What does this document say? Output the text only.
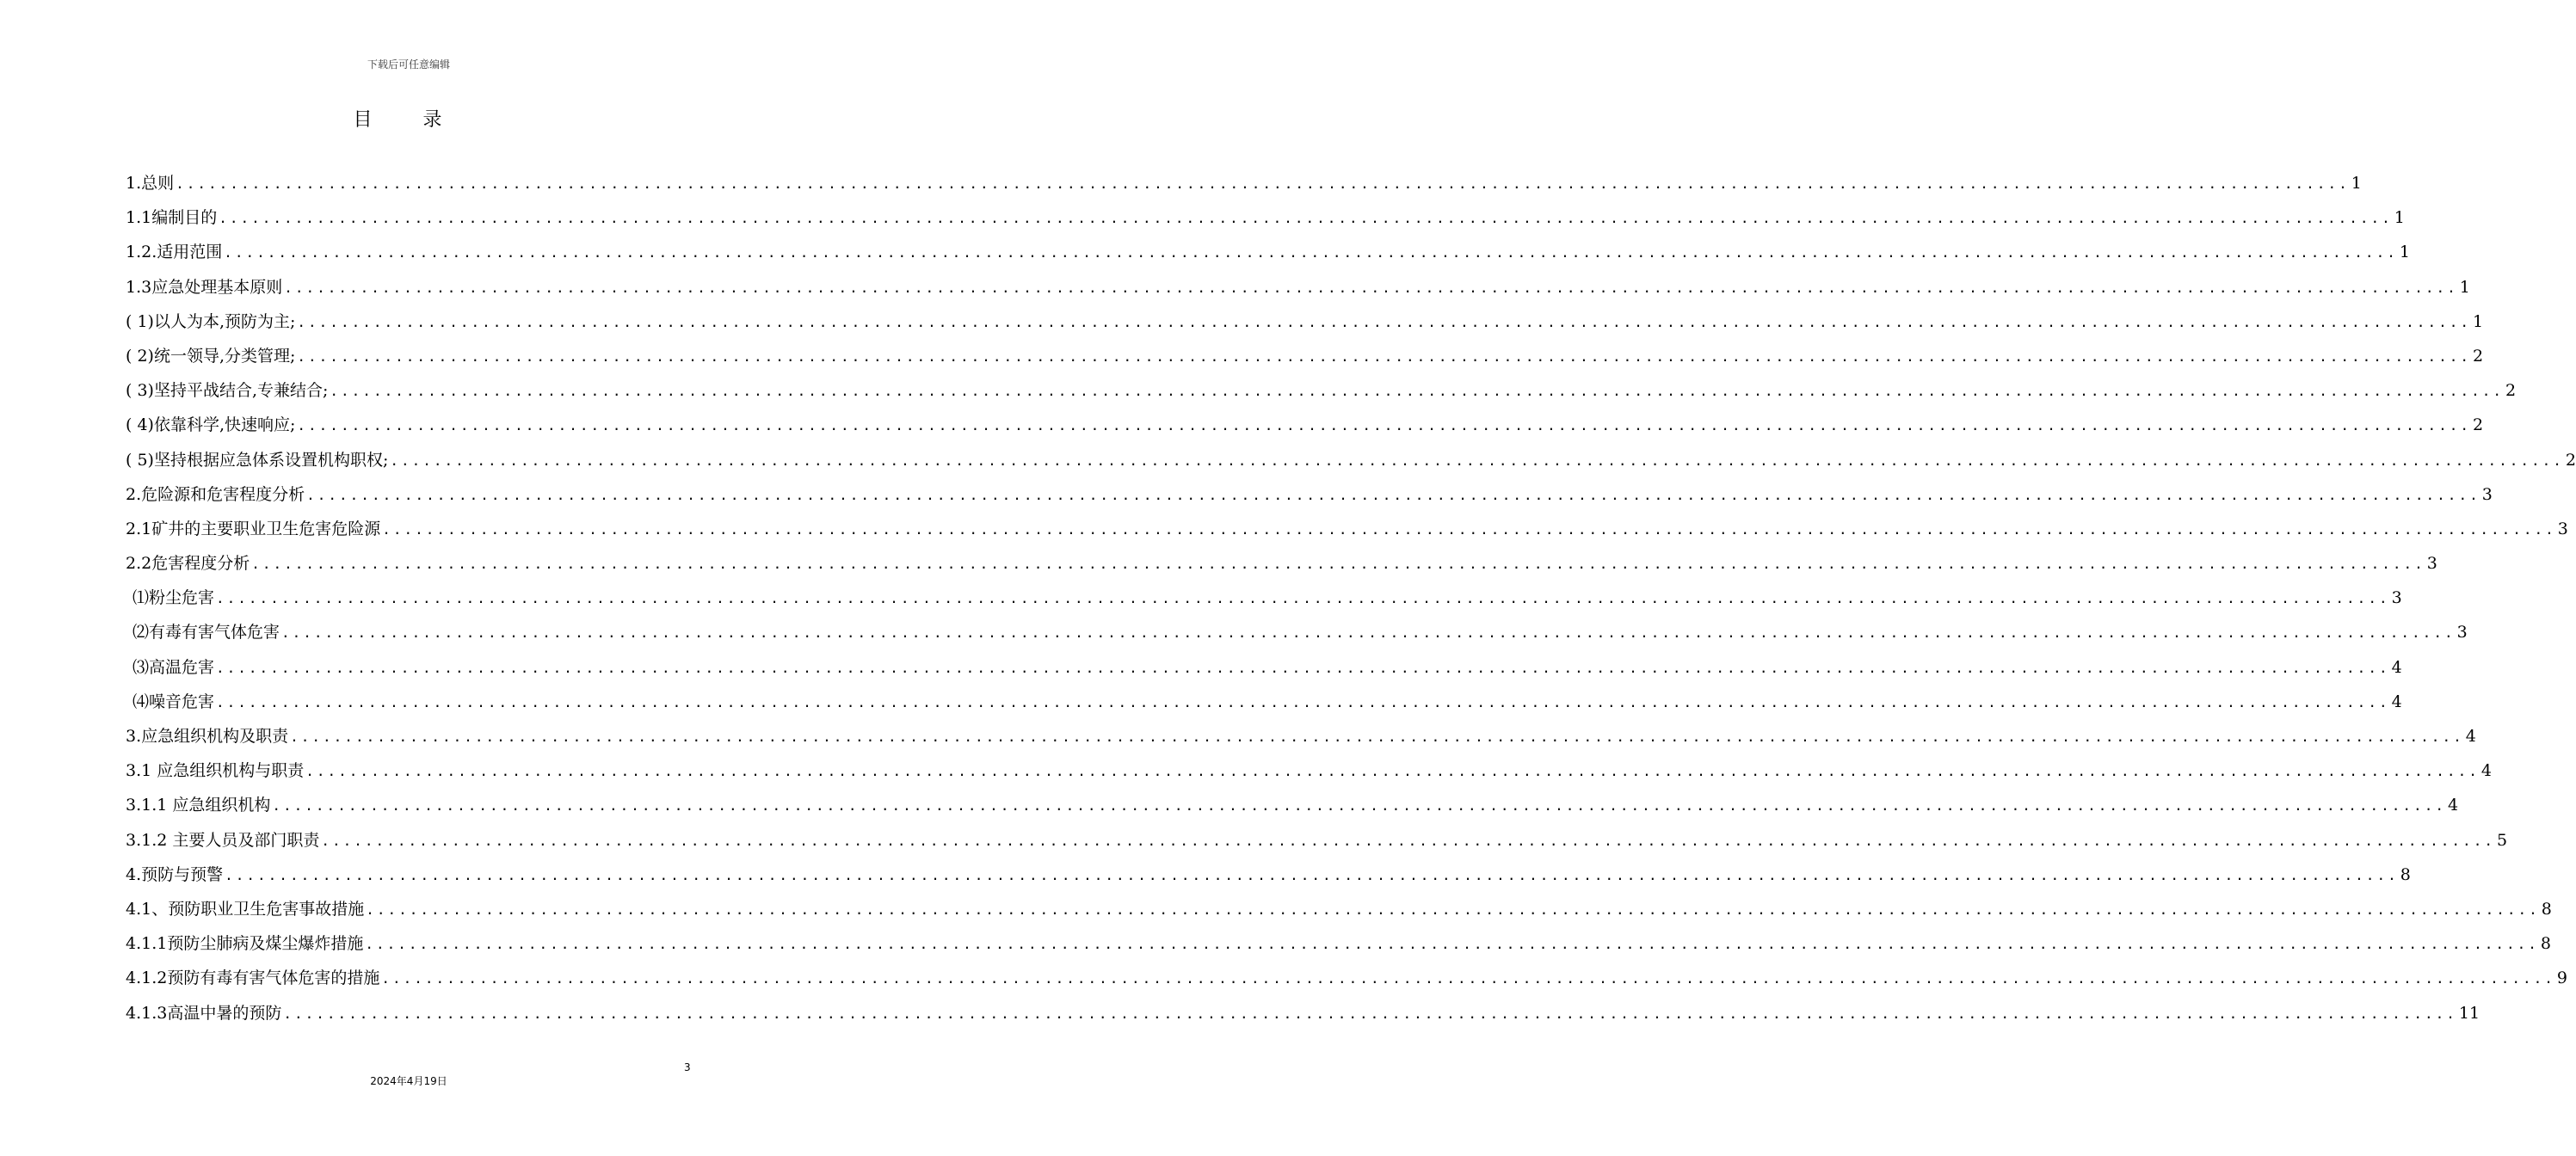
下载后可任意编辑
目 录
1.总则 ........................................................................................................................................................................................................ 1
1.1编制目的 ........................................................................................................................................................................................................ 1
1.2.适用范围 ........................................................................................................................................................................................................ 1
1.3应急处理基本原则 ........................................................................................................................................................................................................ 1
( 1)以人为本,预防为主; ........................................................................................................................................................................................................ 1
( 2)统一领导,分类管理; ........................................................................................................................................................................................................ 2
( 3)坚持平战结合,专兼结合; ........................................................................................................................................................................................................ 2
( 4)依靠科学,快速响应; ........................................................................................................................................................................................................ 2
( 5)坚持根据应急体系设置机构职权; ........................................................................................................................................................................................................ 2
2.危险源和危害程度分析 ........................................................................................................................................................................................................ 3
2.1矿井的主要职业卫生危害危险源 ........................................................................................................................................................................................................ 3
2.2危害程度分析 ........................................................................................................................................................................................................ 3
⑴粉尘危害 ........................................................................................................................................................................................................ 3
⑵有毒有害气体危害 ........................................................................................................................................................................................................ 3
⑶高温危害 ........................................................................................................................................................................................................ 4
⑷噪音危害 ........................................................................................................................................................................................................ 4
3.应急组织机构及职责 ........................................................................................................................................................................................................ 4
3.1 应急组织机构与职责 ........................................................................................................................................................................................................ 4
3.1.1 应急组织机构 ........................................................................................................................................................................................................ 4
3.1.2 主要人员及部门职责 ........................................................................................................................................................................................................ 5
4.预防与预警 ........................................................................................................................................................................................................ 8
4.1、预防职业卫生危害事故措施 ........................................................................................................................................................................................................ 8
4.1.1预防尘肺病及煤尘爆炸措施 ........................................................................................................................................................................................................ 8
4.1.2预防有毒有害气体危害的措施 ........................................................................................................................................................................................................ 9
4.1.3高温中暑的预防 ........................................................................................................................................................................................................ 11
3
2024年4月19日
